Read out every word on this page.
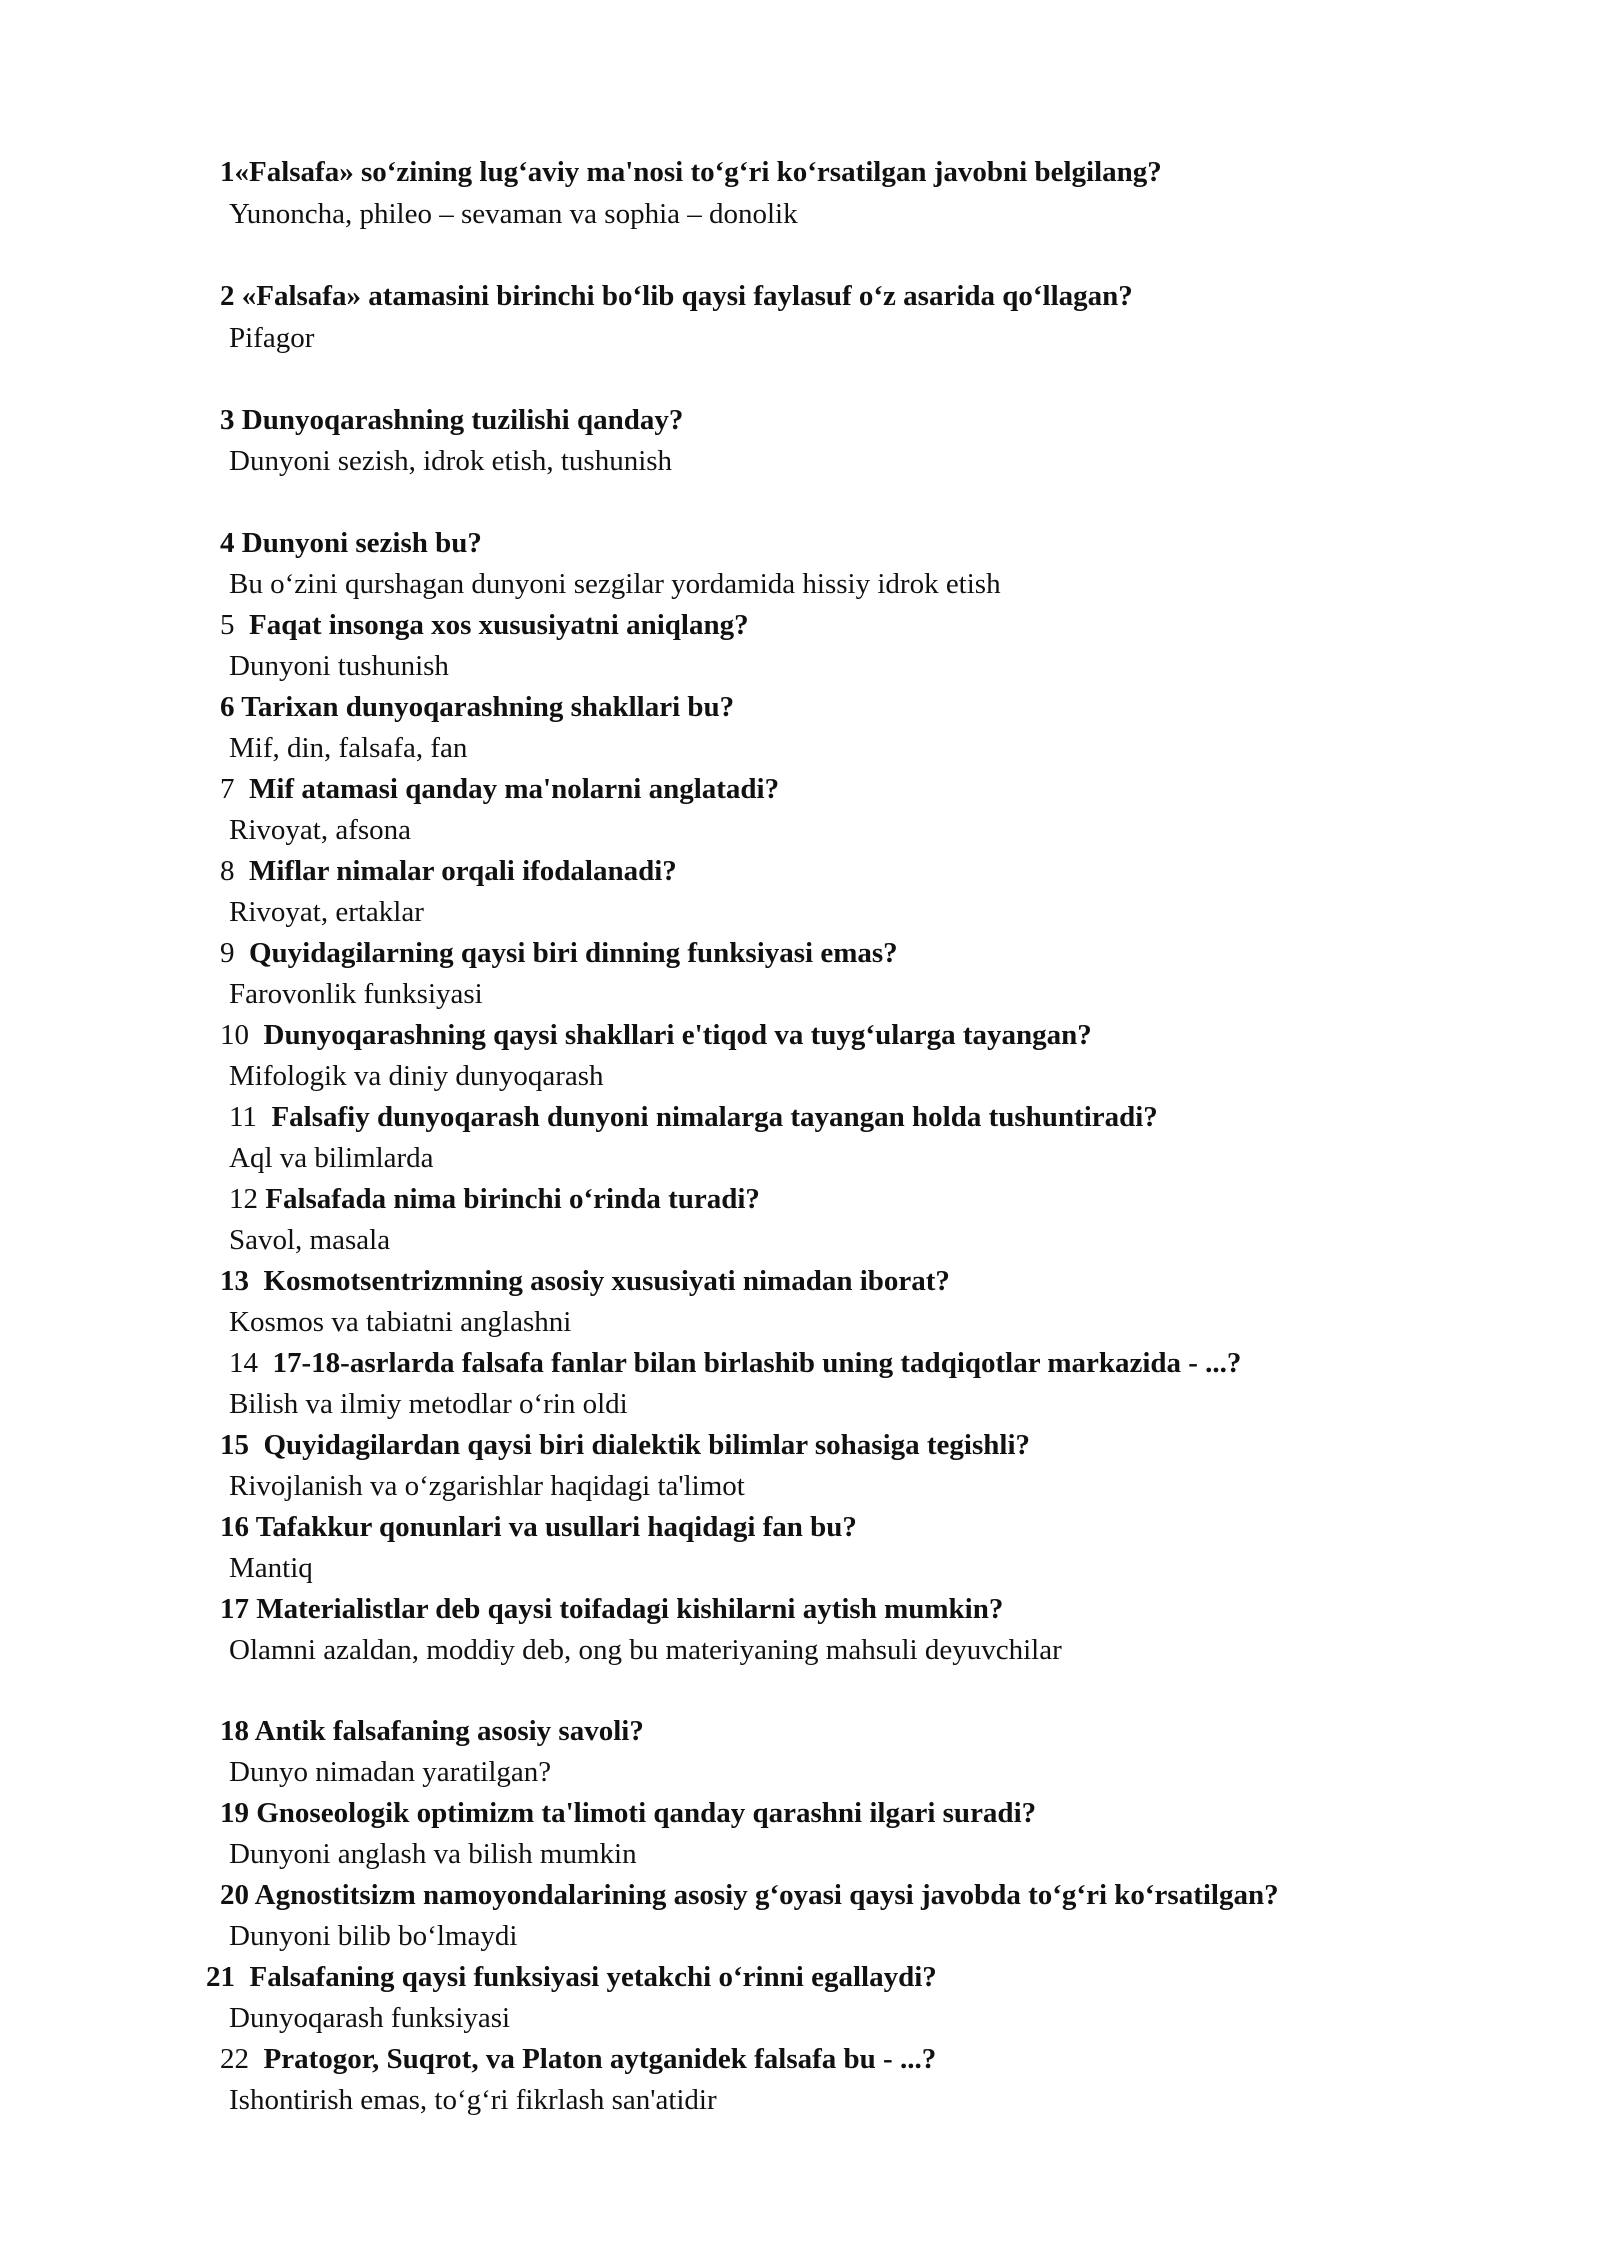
1«Falsafa» so‘zining lug‘aviy ma'nosi to‘g‘ri ko‘rsatilgan javobni belgilang?
Yunoncha, phileo – sevaman va sophia – donolik
2 «Falsafa» atamasini birinchi bo‘lib qaysi faylasuf o‘z asarida qo‘llagan?
Pifagor
3 Dunyoqarashning tuzilishi qanday?
Dunyoni sezish, idrok etish, tushunish
4 Dunyoni sezish bu?
Bu o‘zini qurshagan dunyoni sezgilar yordamida hissiy idrok etish
5 Faqat insonga xos xususiyatni aniqlang?
Dunyoni tushunish
6 Tarixan dunyoqarashning shakllari bu?
Mif, din, falsafa, fan
7 Mif atamasi qanday ma'nolarni anglatadi?
Rivoyat, afsona
8 Miflar nimalar orqali ifodalanadi?
Rivoyat, ertaklar
9 Quyidagilarning qaysi biri dinning funksiyasi emas?
Farovonlik funksiyasi
10 Dunyoqarashning qaysi shakllari e'tiqod va tuyg‘ularga tayangan?
Mifologik va diniy dunyoqarash
11 Falsafiy dunyoqarash dunyoni nimalarga tayangan holda tushuntiradi?
Aql va bilimlarda
12 Falsafada nima birinchi o‘rinda turadi?
Savol, masala
13 Kosmotsentrizmning asosiy xususiyati nimadan iborat?
Kosmos va tabiatni anglashni
14 17-18-asrlarda falsafa fanlar bilan birlashib uning tadqiqotlar markazida - ...?
Bilish va ilmiy metodlar o‘rin oldi
15 Quyidagilardan qaysi biri dialektik bilimlar sohasiga tegishli?
Rivojlanish va o‘zgarishlar haqidagi ta'limot
16 Tafakkur qonunlari va usullari haqidagi fan bu?
Mantiq
17 Materialistlar deb qaysi toifadagi kishilarni aytish mumkin?
Olamni azaldan, moddiy deb, ong bu materiyaning mahsuli deyuvchilar
18 Antik falsafaning asosiy savoli?
Dunyo nimadan yaratilgan?
19 Gnoseologik optimizm ta'limoti qanday qarashni ilgari suradi?
Dunyoni anglash va bilish mumkin
20 Agnostitsizm namoyondalarining asosiy g‘oyasi qaysi javobda to‘g‘ri ko‘rsatilgan?
Dunyoni bilib bo‘lmaydi
21 Falsafaning qaysi funksiyasi yetakchi o‘rinni egallaydi?
Dunyoqarash funksiyasi
22 Pratogor, Suqrot, va Platon aytganidek falsafa bu - ...?
Ishontirish emas, to‘g‘ri fikrlash san'atidir
